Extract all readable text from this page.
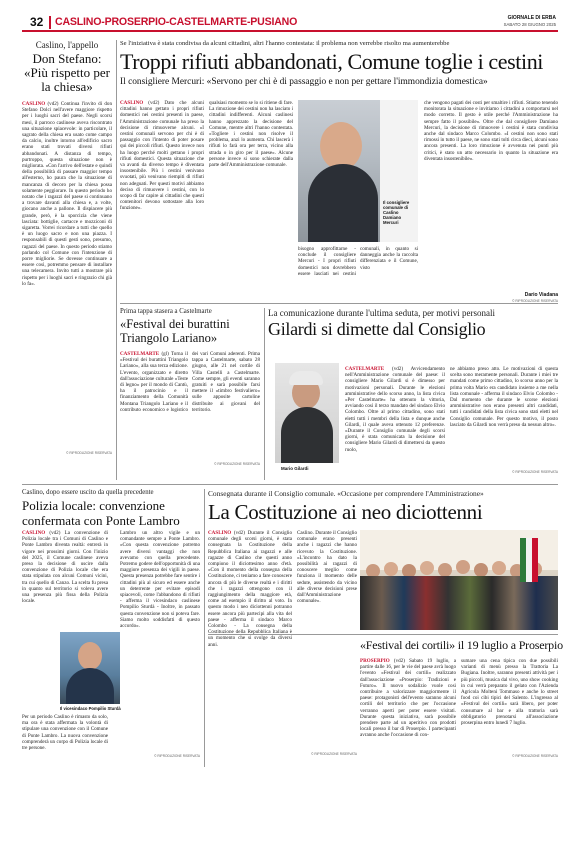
32 CASLINO-PROSERPIO-CASTELMARTE-PUSIANO	GIORNALE DI ERBA
SABATO 28 GIUGNO 2025
Caslino, l'appello
Don Stefano:
«Più rispetto per la chiesa»
CASLINO (vd2) Continua l'invito di don Stefano Dolci nell'avere maggiore rispetto per i luoghi sacri del paese. Negli scorsi mesi, il parroco caslinese aveva riscontrato una situazione spiacevole: in particolare, il sagrato della chiesa era usato come campo da calcio, inoltre intorno all'edificio sacro erano stati trovati diversi rifiuti abbandonati. A distanza di tempo, purtroppo, questa situazione non è migliorata. «Con l'arrivo dell'estate e quindi della possibilità di passare maggior tempo all'esterno, ho paura che la situazione di mancanza di decoro per la chiesa possa solamente peggiorare. In questo periodo ho notato che i ragazzi del paese si continuano a trovare davanti alla chiesa e, a volte, giocano anche a pallone. Il dispiacere più grande, però, è la sporcizia che viene lasciata: bottiglie, cartacce e mozziconi di sigaretta. Vorrei ricordare a tutti che quello è un luogo sacro e non una piazza. I responsabili di questi gesti sono, presumo, ragazzi del paese. In questo periodo stiamo parlando col Comune con l'intenzione di porre migliorie. Se dovesse continuare a essere così, potremmo pensare di installare una telecamera. Invito tutti a mostrare più rispetto per i luoghi sacri e ringrazio chi già lo fa».
© RIPRODUZIONE RISERVATA
Se l'iniziativa è stata condivisa da alcuni cittadini, altri l'hanno contestata: il problema non verrebbe risolto ma aumenterebbe
Troppi rifiuti abbandonati, Comune toglie i cestini
Il consigliere Mercuri: «Servono per chi è di passaggio e non per gettare l'immondizia domestica»
CASLINO (vd2) Dato che alcuni cittadini hanno gettato i propri rifiuti domestici nei cestini presenti in paese, l'Amministrazione comunale ha preso la decisione di rimuoverne alcuni. «I cestini comunali servono per chi è di passaggio con l'intento di poter posare qui dei piccoli rifiuti. Questo invece non ha luogo perché molti gettano i propri rifiuti domestici. Questa situazione che va avanti da diverso tempo è diventata insostenibile. Più i cestini venivano svuotati, più venivano riempiti di rifiuti non adeguati. Per questi motivi abbiamo deciso di rimuovere i cestini, con lo scopo di far capire ai cittadini che questi contenitori devono sottostare alla loro funzione».
qualsiasi momento se lo si ritiene di fare. La rimozione dei cestini non ha lasciato i cittadini indifferenti. Alcuni caslinesi hanno apprezzato la decisione del Comune, mentre altri l'hanno contestata. «Togliere i cestini non risolve il problema, anzi lo aumenta. Chi lascerà i rifiuti lo farà ora per terra, vicino alla strada o in giro per il paese». Alcune persone invece si sono schierate dalla parte dell'Amministrazione comunale.
Il consigliere comunale di Caslino Damiano Mercuri
bisogno approfittarne - conclude il consigliere Mercuri - I propri rifiuti domestici non dovrebbero essere lasciati nei cestini comunali, in quanto si danneggia anche la raccolta differenziata e il Comune, visto
che vengono pagati dei costi per smaltire i rifiuti. Stiamo tenendo monitorata la situazione e invitiamo i cittadini a comportarsi nel modo corretto. Il gesto è utile perché l'Amministrazione ha sempre fatto il possibile». Oltre che dal consigliere Damiano Mercuri, la decisione di rimuovere i cestini è stata condivisa anche dal sindaco Marco Colombo. «I cestini non sono stati rimossi in tutto il paese, ne sono stati tolti circa dieci, alcuni sono ancora presenti. La loro rimozione è avvenuta nei punti più critici, è stato un atto necessario in quanto la situazione era diventata insostenibile».
Dario Viadana
© RIPRODUZIONE RISERVATA
Prima tappa stasera a Castelmarte
«Festival dei burattini Triangolo Lariano»
CASTELMARTE (gl) Torna il «Festival dei burattini Triangolo Lariano», alla sua terza edizione. L'evento, organizzato e diretto dall'associazione culturale «Teste di legno» per il mondo di Cantù, ha il patrocinio e il finanziamento della Comunità Montana Triangolo Lariano e il contributo economico e logistico dei vari Comuni aderenti. Prima tappa a Castelmarte, sabato 28 giugno, alle 21 nel cortile di Villa Castelli a Castelmarte. Come sempre, gli eventi saranno gratuiti e sarà possibile farsi mettere il «timbro festivaliero» sulle apposite cartoline distribuite ai giovani del territorio.
© RIPRODUZIONE RISERVATA
La comunicazione durante l'ultima seduta, per motivi personali
Gilardi si dimette dal Consiglio
Mario Gilardi
CASTELMARTE (vd2) Avvicendamento nell'Amministrazione comunale del paese: il consigliere Mario Gilardi si è dimesso per motivazioni personali. Durante le elezioni amministrative dello scorso anno, la lista civica «Per Castelmarte» ha ottenuto la vittoria, avviando così il terzo mandato del sindaco Elvio Colombo. Oltre al primo cittadino, sono stati eletti tutti i membri della lista e dunque anche Gilardi, il quale aveva ottenuto 12 preferenze. «Durante il Consiglio comunale degli scorsi giorni, è stata comunicata la decisione del consigliere Mario Gilardi di dimettersi da questo ruolo,
ne abbiamo preso atto. Le motivazioni di questa scelta sono meramente personali. Durante i miei tre mandati come primo cittadino, lo scorso anno per la prima volta Mario era candidato insieme a me nella lista comunale - afferma il sindaco Elvio Colombo - Dal momento che durante le scorse elezioni amministrative non erano presenti altri candidati, tutti i candidati della lista civica sono stati eletti nel Consiglio comunale. Per questo motivo, il posto lasciato da Gilardi non verrà preso da nessun altro».
© RIPRODUZIONE RISERVATA
Caslino, dopo essere uscito da quella precedente
Polizia locale: convenzione confermata con Ponte Lambro
CASLINO (vd2) La convenzione di Polizia locale tra i Comuni di Caslino e Ponte Lambro diventa realtà: entrerà in vigore nei prossimi giorni. Con l'inizio del 2025, il Comune caslinese aveva preso la decisione di uscire dalla convenzione di Polizia locale che era stata stipulata con alcuni Comuni vicini, tra cui quello di Canzo. La scelta fu presa in quanto sul territorio si voleva avere una presenza più fissa della Polizia locale.
Il vicesindaco Pompilio Sturdà
Per un periodo Caslino è rimasto da solo, ma ora è stata affermata la volontà di stipulare una convenzione con il Comune di Ponte Lambro. La nuova convenzione comprenderà un corpo di Polizia locale di tre persone.
Lambro un altro vigile e un comandante sempre a Ponte Lambro. «Con questa convenzione potremo avere diversi vantaggi che non avevamo con quella precedente. Potremo godere dell'opportunità di una maggiore presenza dei vigili in paese. Questa presenza potrebbe fare sentire i cittadini più al sicuro ed essere anche un deterrente per evitare episodi spiacevoli, come l'abbandono di rifiuti - afferma il vicesindaco caslinese Pompilio Sturdà - Inoltre, in passato questa convenzione non si poteva fare. Siamo molto soddisfatti di questo accordo».
© RIPRODUZIONE RISERVATA
Consegnata durante il Consiglio comunale. «Occasione per comprendere l'Amministrazione»
La Costituzione ai neo diciottenni
CASLINO (vd2) Durante il Consiglio comunale degli scorsi giorni, è stata consegnata la Costituzione della Repubblica Italiana ai ragazzi e alle ragazze di Caslino che questi anno compiono il diciottesimo anno d'età. «Con il momento della consegna della Costituzione, ci teniamo a fare conoscere ancora di più le diverse realtà e i diritti che i ragazzi ottengono con il raggiungimento della maggiore età, come ad esempio il diritto al voto. In questo modo i neo diciottenni potranno essere ancora più partecipi alla vita del paese - afferma il sindaco Marco Colombo - La consegna della Costituzione della Repubblica Italiana è un momento che si svolge da diversi anni.
Caslino. Durante il Consiglio comunale erano presenti anche i ragazzi che hanno ricevuto la Costituzione. «L'incontro ha dato la possibilità ai ragazzi di conoscere meglio come funziona il momento delle sedute, assistendo da vicino alle diverse decisioni prese dall'Amministrazione comunale».
© RIPRODUZIONE RISERVATA
«Festival dei cortili» il 19 luglio a Proserpio
PROSERPIO (vd2) Sabato 19 luglio, a partire dalle 16, per le vie del paese avrà luogo l'evento «Festival dei cortili» realizzato dall'associazione «Proserpio: Tradizioni e Futuro». Il nuovo sodalizio vuole così contribuire a valorizzare maggiormente il paese: protagonisti dell'evento saranno alcuni cortili del territorio che per l'occasione verranno aperti per poter essere visitati. Durante questa iniziativa, sarà possibile prendere parte ad un aperitivo con prodotti locali presso il bar di Proserpio. I partecipanti avranno anche l'occasione di con-
sumare una cena tipica con due possibili varianti di menù presso la Trattoria La Bugiana. Inoltre, saranno presenti attività per i più piccoli, musica dal vivo, uno show cooking in cui verrà preparato il gelato con l'Azienda Agricola Molteni Tommaso e anche lo street food coi cibi tipici del Salento. L'ingresso al «Festival dei cortili» sarà libero, per poter consumare al bar e alla trattoria sarà obbligatorio prenotarsi all'associazione proserpina entro lunedì 7 luglio.
© RIPRODUZIONE RISERVATA
